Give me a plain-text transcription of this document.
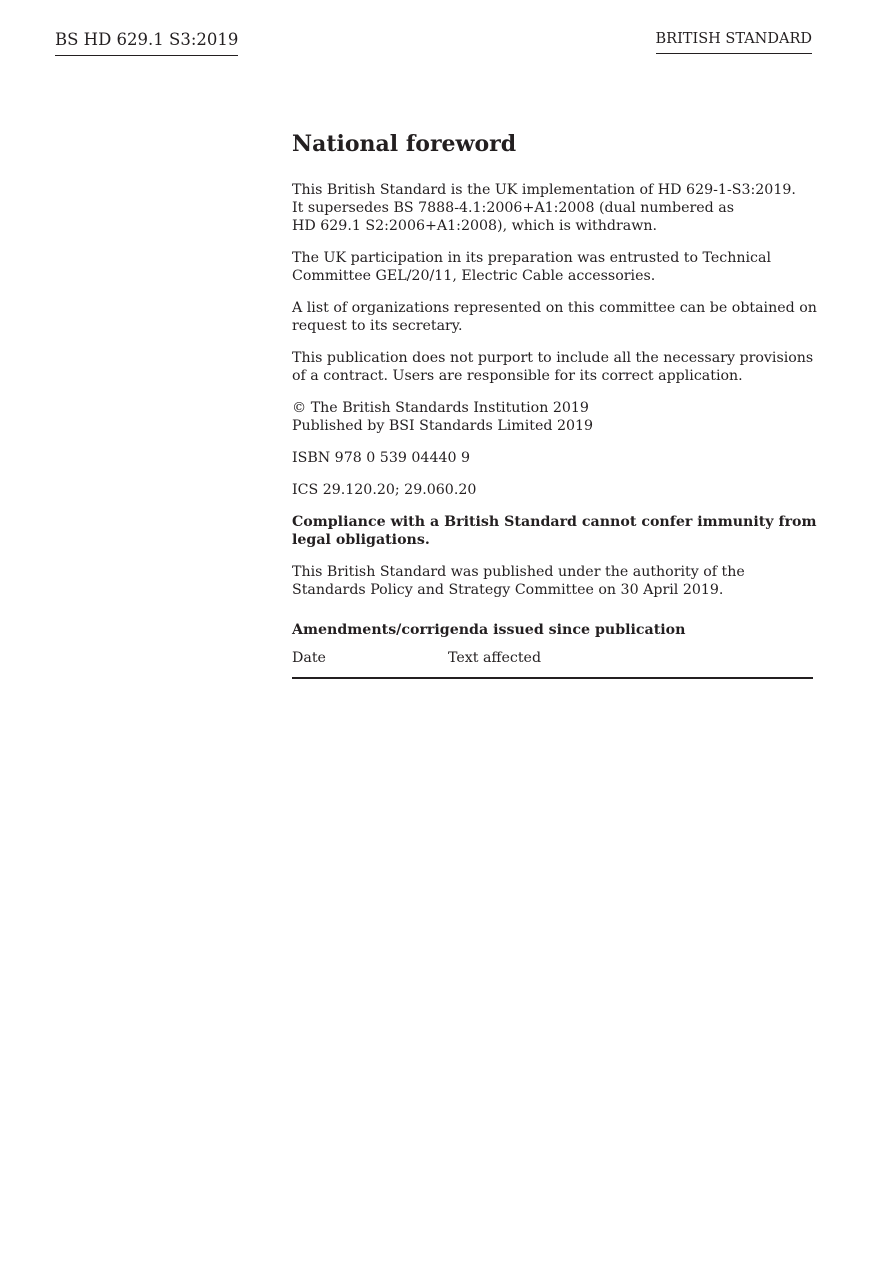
BS HD 629.1 S3:2019	BRITISH STANDARD
National foreword

This British Standard is the UK implementation of HD 629-1-S3:2019.
It supersedes BS 7888-4.1:2006+A1:2008 (dual numbered as
HD 629.1 S2:2006+A1:2008), which is withdrawn.

The UK participation in its preparation was entrusted to Technical
Committee GEL/20/11, Electric Cable accessories.

A list of organizations represented on this committee can be obtained on
request to its secretary.

This publication does not purport to include all the necessary provisions
of a contract. Users are responsible for its correct application.

© The British Standards Institution 2019
Published by BSI Standards Limited 2019

ISBN 978 0 539 04440 9

ICS 29.120.20; 29.060.20

Compliance with a British Standard cannot confer immunity from
legal obligations.

This British Standard was published under the authority of the
Standards Policy and Strategy Committee on 30 April 2019.

Amendments/corrigenda issued since publication
Date	Text affected
